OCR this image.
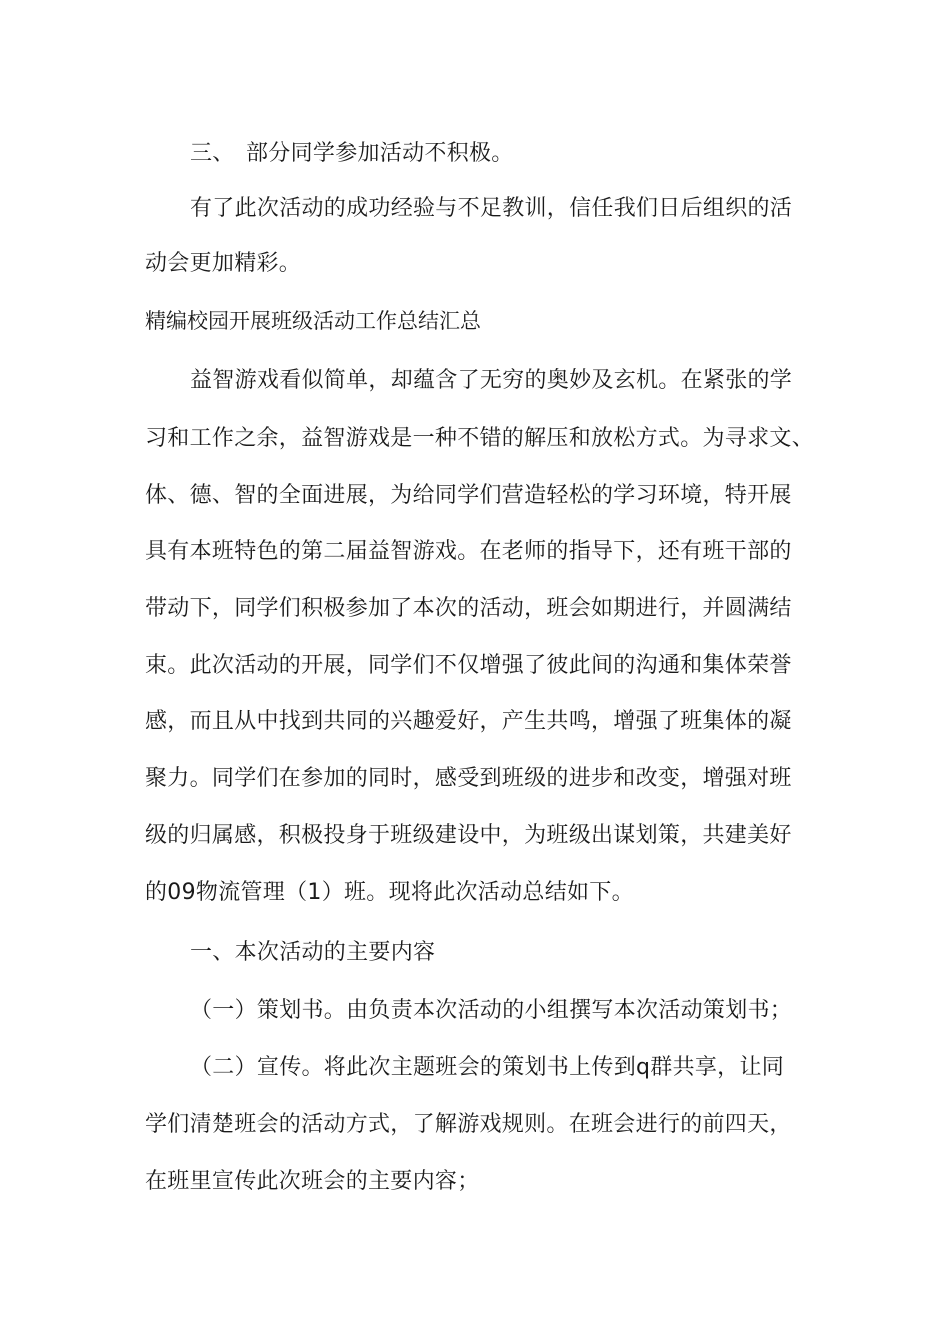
三、 部分同学参加活动不积极。
有了此次活动的成功经验与不足教训，信任我们日后组织的活
动会更加精彩。
精编校园开展班级活动工作总结汇总
益智游戏看似简单，却蕴含了无穷的奥妙及玄机。在紧张的学
习和工作之余，益智游戏是一种不错的解压和放松方式。为寻求文、
体、德、智的全面进展，为给同学们营造轻松的学习环境，特开展
具有本班特色的第二届益智游戏。在老师的指导下，还有班干部的
带动下，同学们积极参加了本次的活动，班会如期进行，并圆满结
束。此次活动的开展，同学们不仅增强了彼此间的沟通和集体荣誉
感，而且从中找到共同的兴趣爱好，产生共鸣，增强了班集体的凝
聚力。同学们在参加的同时，感受到班级的进步和改变，增强对班
级的归属感，积极投身于班级建设中，为班级出谋划策，共建美好
的09物流管理（1）班。现将此次活动总结如下。
一、本次活动的主要内容
（一）策划书。由负责本次活动的小组撰写本次活动策划书；
（二）宣传。将此次主题班会的策划书上传到q群共享，让同
学们清楚班会的活动方式，了解游戏规则。在班会进行的前四天，
在班里宣传此次班会的主要内容；
